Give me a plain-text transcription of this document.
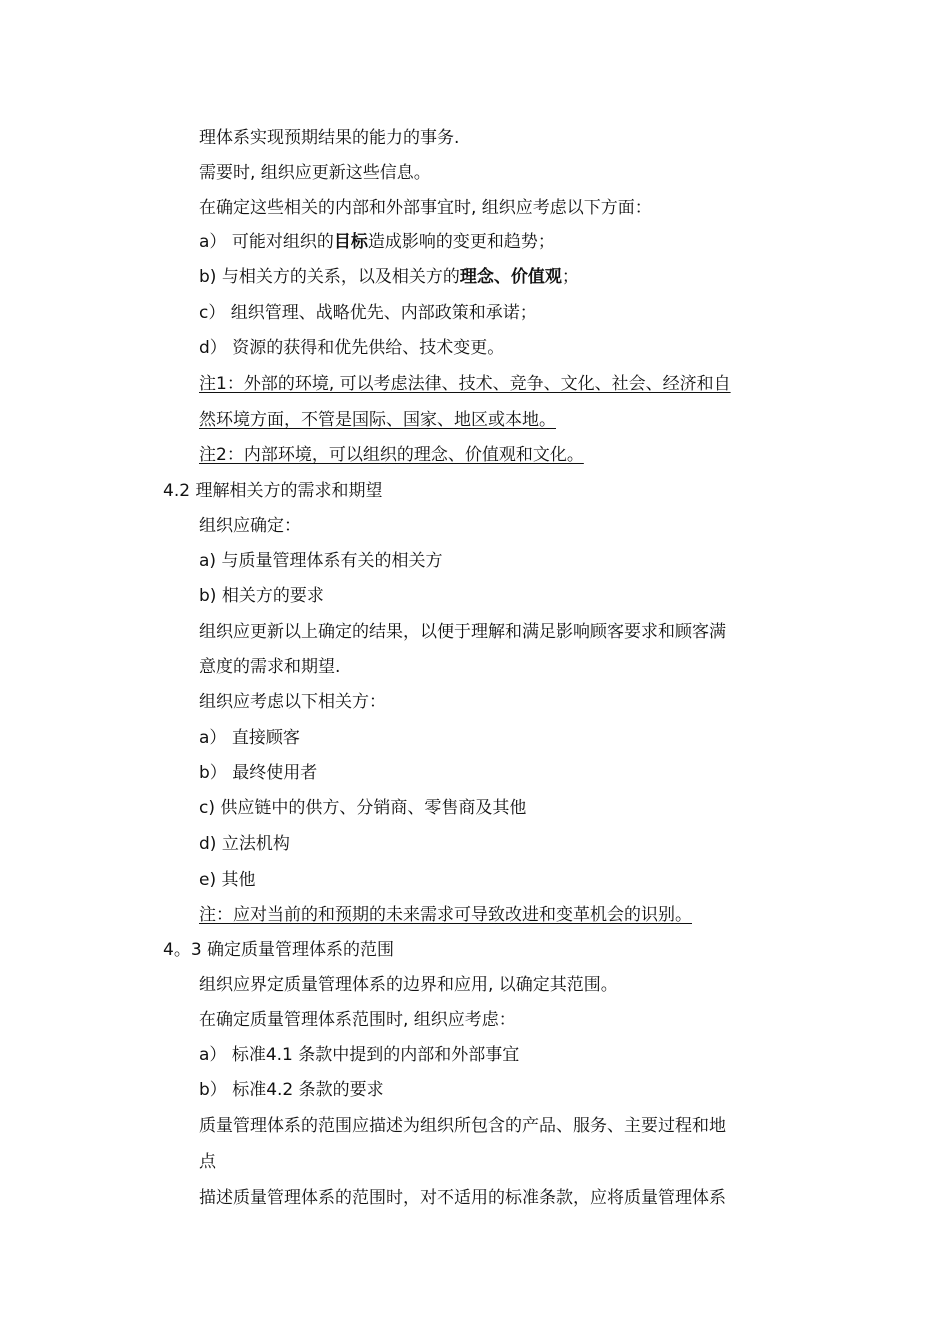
理体系实现预期结果的能力的事务.
需要时, 组织应更新这些信息。
在确定这些相关的内部和外部事宜时, 组织应考虑以下方面：
a） 可能对组织的目标造成影响的变更和趋势；
b) 与相关方的关系，以及相关方的理念、价值观；
c） 组织管理、战略优先、内部政策和承诺；
d） 资源的获得和优先供给、技术变更。
注1：外部的环境, 可以考虑法律、技术、竞争、文化、社会、经济和自
然环境方面，不管是国际、国家、地区或本地。
注2：内部环境，可以组织的理念、价值观和文化。
4.2 理解相关方的需求和期望
组织应确定：
a) 与质量管理体系有关的相关方
b) 相关方的要求
组织应更新以上确定的结果，以便于理解和满足影响顾客要求和顾客满
意度的需求和期望.
组织应考虑以下相关方：
a） 直接顾客
b） 最终使用者
c) 供应链中的供方、分销商、零售商及其他
d) 立法机构
e) 其他
注：应对当前的和预期的未来需求可导致改进和变革机会的识别。
4。3 确定质量管理体系的范围
组织应界定质量管理体系的边界和应用, 以确定其范围。
在确定质量管理体系范围时, 组织应考虑：
a） 标准4.1 条款中提到的内部和外部事宜
b） 标准4.2 条款的要求
质量管理体系的范围应描述为组织所包含的产品、服务、主要过程和地
点
描述质量管理体系的范围时，对不适用的标准条款，应将质量管理体系
